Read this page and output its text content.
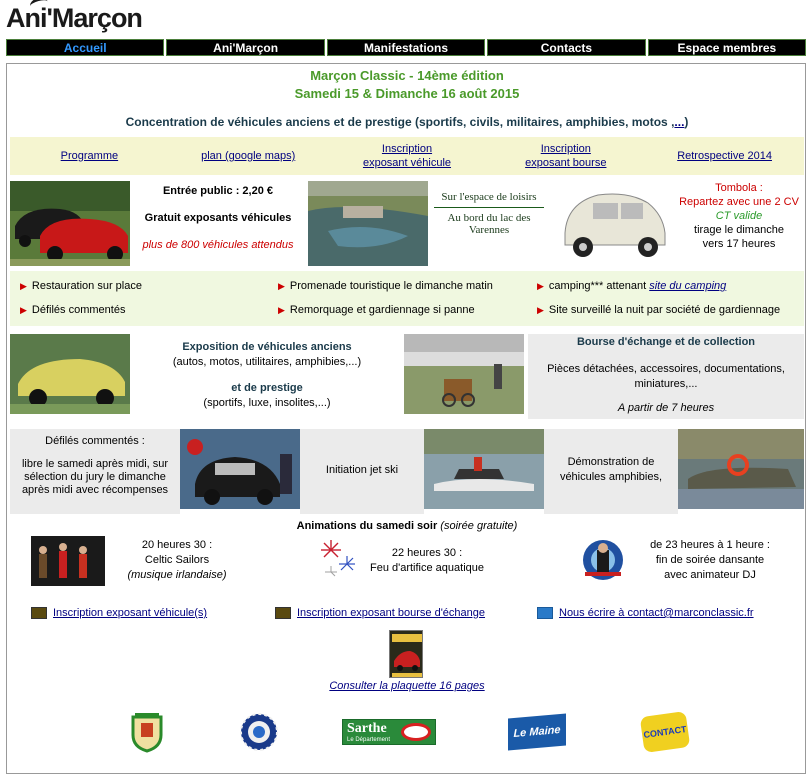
Ani'Marçon
Accueil	Ani'Marçon	Manifestations	Contacts	Espace membres
Marçon Classic - 14ème édition
Samedi 15 & Dimanche 16 août 2015
Concentration de véhicules anciens et de prestige (sportifs, civils, militaires, amphibies, motos ,...)
Programme	plan (google maps)
Inscription
exposant véhicule
Inscription
exposant bourse
Retrospective 2014
Entrée public : 2,20 €
Gratuit exposants véhicules
plus de 800 véhicules attendus
Sur l'espace de loisirs
Au bord du lac des
Varennes
Tombola :
Repartez avec une 2 CV
CT valide
tirage le dimanche
vers 17 heures
▶ Restauration sur place	▶ Promenade touristique le dimanche matin	▶ camping*** attenant site du camping
▶ Défilés commentés	▶ Remorquage et gardiennage si panne	▶ Site surveillé la nuit par société de gardiennage
Exposition de véhicules anciens
(autos, motos, utilitaires, amphibies,...)
et de prestige
(sportifs, luxe, insolites,...)
Bourse d'échange et de collection
Pièces détachées, accessoires, documentations, miniatures,...
A partir de 7 heures
Défilés commentés :
libre le samedi après midi, sur sélection du jury le dimanche après midi avec récompenses
Initiation jet ski
Démonstration de véhicules amphibies,
Animations du samedi soir (soirée gratuite)
20 heures 30 :
Celtic Sailors
(musique irlandaise)
22 heures 30 :
Feu d'artifice aquatique
de 23 heures à 1 heure :
fin de soirée dansante
avec animateur DJ
Inscription exposant véhicule(s)	Inscription exposant bourse d'échange	Nous écrire à contact@marconclassic.fr
Consulter la plaquette 16 pages
Sarthe
Le Département	Le Maine	CONTACT
